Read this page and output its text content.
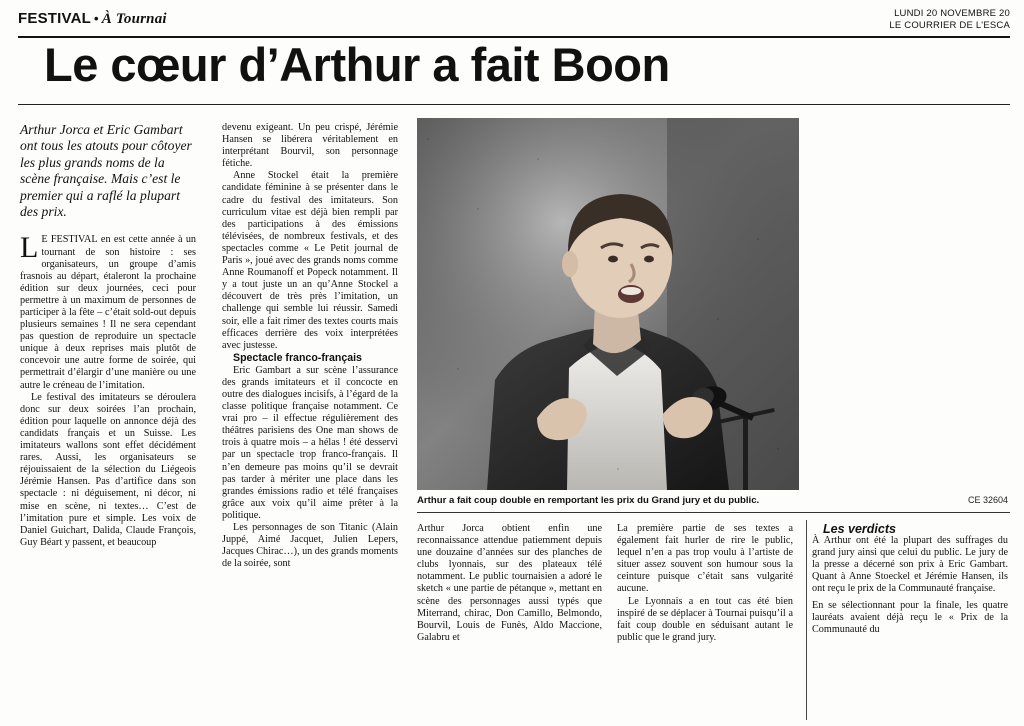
FESTIVAL • À Tournai	LUNDI 20 NOVEMBRE 20
LE COURRIER DE L'ESCA
Le cœur d’Arthur a fait Boon
Arthur Jorca et Eric Gambart ont tous les atouts pour côtoyer les plus grands noms de la scène française. Mais c’est le premier qui a raflé la plupart des prix.

L E FESTIVAL en est cette année à un tournant de son histoire : ses organisateurs, un groupe d’amis frasnois au départ, étaleront la prochaine édition sur deux journées, ceci pour permettre à un maximum de personnes de participer à la fête – c’était sold-out depuis plusieurs semaines ! Il ne sera cependant pas question de reproduire un spectacle unique à deux reprises mais plutôt de concevoir une autre forme de soirée, qui permettrait d’élargir d’une manière ou une autre le créneau de l’imitation.

Le festival des imitateurs se déroulera donc sur deux soirées l’an prochain, édition pour laquelle on annonce déjà des candidats français et un Suisse. Les imitateurs wallons sont effet décidément rares. Aussi, les organisateurs se réjouissaient de la sélection du Liégeois Jérémie Hansen. Pas d’artifice dans son spectacle : ni déguisement, ni décor, ni mise en scène, ni textes… C’est de l’imitation pure et simple. Les voix de Daniel Guichart, Dalida, Claude François, Guy Béart y passent, et beaucoup

devenu exigeant. Un peu crispé, Jérémie Hansen se libérera véritablement en interprétant Bourvil, son personnage fétiche.

Anne Stockel était la première candidate féminine à se présenter dans le cadre du festival des imitateurs. Son curriculum vitae est déjà bien rempli par des participations à des émissions télévisées, de nombreux festivals, et des spectacles comme « Le Petit journal de Paris », joué avec des grands noms comme Anne Roumanoff et Popeck notamment. Il y a tout juste un an qu’Anne Stockel a découvert de très près l’imitation, un challenge qui semble lui réussir. Samedi soir, elle a fait rimer des textes courts mais efficaces derrière des voix interprétées avec justesse.

Spectacle franco-français

Eric Gambart a sur scène l’assurance des grands imitateurs et il concocte en outre des dialogues incisifs, à l’égard de la classe politique française notamment. Ce vrai pro – il effectue régulièrement des théâtres parisiens des One man shows de trois à quatre mois – a hélas ! été desservi par un spectacle trop franco-français. Il n’en demeure pas moins qu’il se devrait pas tarder à mériter une place dans les grandes émissions radio et télé françaises grâce aux voix qu’il aime prêter à la politique.

Les personnages de son Titanic (Alain Juppé, Aimé Jacquet, Julien Lepers, Jacques Chirac…), un des grands moments de la soirée, sont

Arthur a fait coup double en remportant les prix du Grand jury et du public.	CE 32604

Arthur Jorca obtient enfin une reconnaissance attendue patiemment depuis une douzaine d’années sur des planches de clubs lyonnais, sur des plateaux télé notamment. Le public tournaisien a adoré le sketch « une partie de pétanque », mettant en scène des personnages aussi typés que Miterrand, chirac, Don Camillo, Belmondo, Bourvil, Louis de Funès, Aldo Maccione, Galabru et

La première partie de ses textes a également fait hurler de rire le public, lequel n’en a pas trop voulu à l’artiste de situer assez souvent son humour sous la ceinture puisque c’était sans vulgarité aucune.

Le Lyonnais a en tout cas été bien inspiré de se déplacer à Tournai puisqu’il a fait coup double en séduisant autant le public que le grand jury.

Les verdicts

À Arthur ont été la plupart des suffrages du grand jury ainsi que celui du public. Le jury de la presse a décerné son prix à Eric Gambart. Quant à Anne Stoeckel et Jérémie Hansen, ils ont reçu le prix de la Communauté française.

En se sélectionnant pour la finale, les quatre lauréats avaient déjà reçu le « Prix de la Communauté du
